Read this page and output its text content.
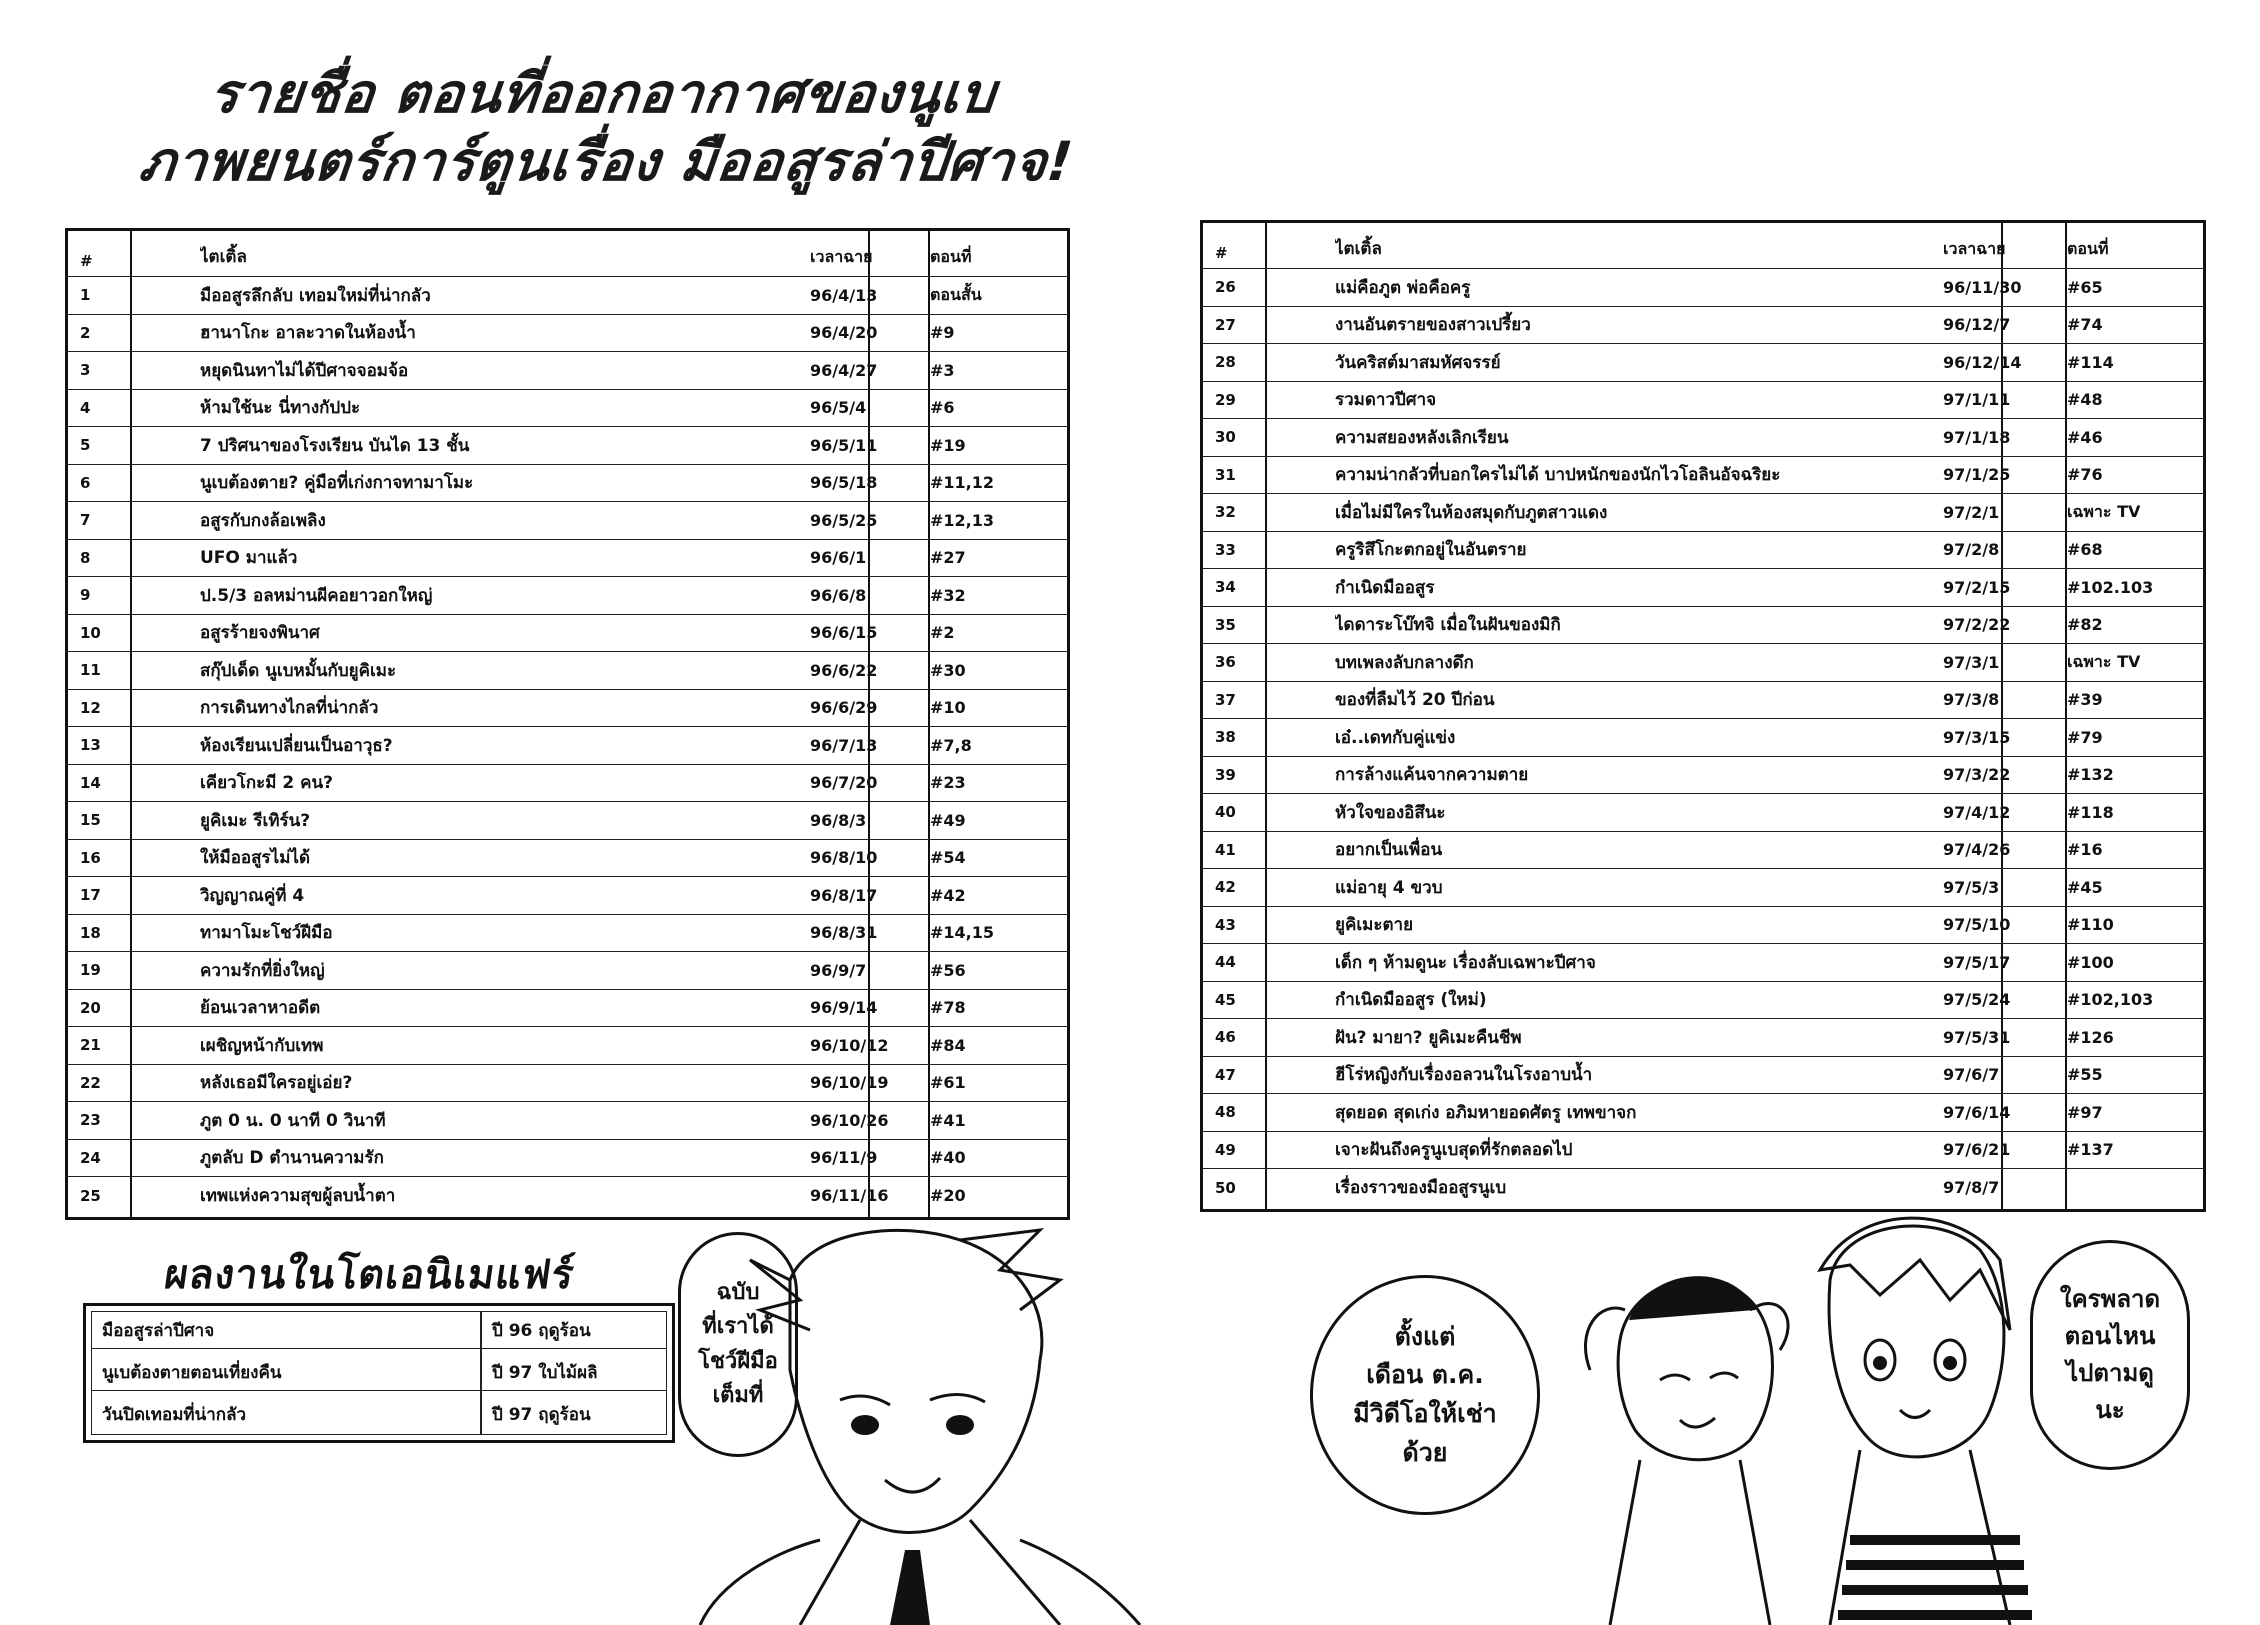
รายชื่อ ตอนที่ออกอากาศของนูเบ
ภาพยนตร์การ์ตูนเรื่อง มืออสูรล่าปีศาจ!
#	ไตเติ้ล	เวลาฉาย	ตอนที่
1	มืออสูรลึกลับ เทอมใหม่ที่น่ากลัว	96/4/13	ตอนสั้น
2	ฮานาโกะ อาละวาดในห้องน้ำ	96/4/20	#9
3	หยุดนินทาไม่ได้ปีศาจจอมจ้อ	96/4/27	#3
4	ห้ามใช้นะ นี่ทางกัปปะ	96/5/4	#6
5	7 ปริศนาของโรงเรียน บันได 13 ชั้น	96/5/11	#19
6	นูเบต้องตาย? คู่มือที่เก่งกาจทามาโมะ	96/5/18	#11,12
7	อสูรกับกงล้อเพลิง	96/5/25	#12,13
8	UFO มาแล้ว	96/6/1	#27
9	ป.5/3 อลหม่านผีคอยาวอกใหญ่	96/6/8	#32
10	อสูรร้ายจงพินาศ	96/6/15	#2
11	สกุ๊ปเด็ด นูเบหมั้นกับยูคิเมะ	96/6/22	#30
12	การเดินทางไกลที่น่ากลัว	96/6/29	#10
13	ห้องเรียนเปลี่ยนเป็นอาวุธ?	96/7/13	#7,8
14	เคียวโกะมี 2 คน?	96/7/20	#23
15	ยูคิเมะ รีเทิร์น?	96/8/3	#49
16	ให้มืออสูรไม่ได้	96/8/10	#54
17	วิญญาณคู่ที่ 4	96/8/17	#42
18	ทามาโมะโชว์ฝีมือ	96/8/31	#14,15
19	ความรักที่ยิ่งใหญ่	96/9/7	#56
20	ย้อนเวลาหาอดีต	96/9/14	#78
21	เผชิญหน้ากับเทพ	96/10/12	#84
22	หลังเธอมีใครอยู่เอ่ย?	96/10/19	#61
23	ภูต 0 น. 0 นาที 0 วินาที	96/10/26	#41
24	ภูตลับ D ตำนานความรัก	96/11/9	#40
25	เทพแห่งความสุขผู้ลบน้ำตา	96/11/16	#20
#	ไตเติ้ล	เวลาฉาย	ตอนที่
26	แม่คือภูต พ่อคือครู	96/11/30	#65
27	งานอันตรายของสาวเปรี้ยว	96/12/7	#74
28	วันคริสต์มาสมหัศจรรย์	96/12/14	#114
29	รวมดาวปีศาจ	97/1/11	#48
30	ความสยองหลังเลิกเรียน	97/1/18	#46
31	ความน่ากลัวที่บอกใครไม่ได้ บาปหนักของนักไวโอลินอัจฉริยะ	97/1/25	#76
32	เมื่อไม่มีใครในห้องสมุดกับภูตสาวแดง	97/2/1	เฉพาะ TV
33	ครูริสึโกะตกอยู่ในอันตราย	97/2/8	#68
34	กำเนิดมืออสูร	97/2/15	#102.103
35	ไดดาระโบ๊ทจิ เมื่อในฝันของมิกิ	97/2/22	#82
36	บทเพลงลับกลางดึก	97/3/1	เฉพาะ TV
37	ของที่ลืมไว้ 20 ปีก่อน	97/3/8	#39
38	เอ๋..เดทกับคู่แข่ง	97/3/15	#79
39	การล้างแค้นจากความตาย	97/3/22	#132
40	หัวใจของอิสึนะ	97/4/12	#118
41	อยากเป็นเพื่อน	97/4/26	#16
42	แม่อายุ 4 ขวบ	97/5/3	#45
43	ยูคิเมะตาย	97/5/10	#110
44	เด็ก ๆ ห้ามดูนะ เรื่องลับเฉพาะปีศาจ	97/5/17	#100
45	กำเนิดมืออสูร (ใหม่)	97/5/24	#102,103
46	ฝัน? มายา? ยูคิเมะคืนชีพ	97/5/31	#126
47	ฮีโร่หญิงกับเรื่องอลวนในโรงอาบน้ำ	97/6/7	#55
48	สุดยอด สุดเก่ง อภิมหายอดศัตรู เทพขาจก	97/6/14	#97
49	เจาะฝันถึงครูนูเบสุดที่รักตลอดไป	97/6/21	#137
50	เรื่องราวของมืออสูรนูเบ	97/8/7
ผลงานในโตเอนิเมแฟร์
มืออสูรล่าปีศาจ	ปี 96 ฤดูร้อน
นูเบต้องตายตอนเที่ยงคืน	ปี 97 ใบไม้ผลิ
วันปิดเทอมที่น่ากลัว	ปี 97 ฤดูร้อน
ฉบับ
ที่เราได้
โชว์ฝีมือ
เต็มที่
ตั้งแต่
เดือน ต.ค.
มีวิดีโอให้เช่า
ด้วย
ใครพลาด
ตอนไหน
ไปตามดู
นะ
